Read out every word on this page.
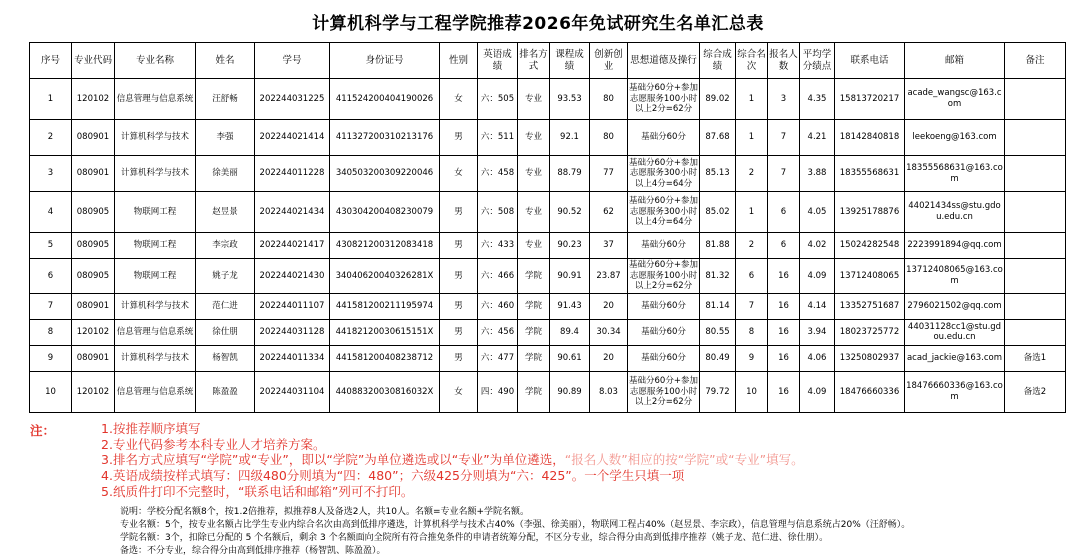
计算机科学与工程学院推荐2026年免试研究生名单汇总表
序号	专业代码	专业名称	姓名	学号	身份证号	性别	英语成绩	排名方式	课程成绩	创新创业	思想道德及操行	综合成绩	综合名次	报名人数	平均学分绩点	联系电话	邮箱	备注
1	120102	信息管理与信息系统	汪舒畅	202244031225	411524200404190026	女	六：505	专业	93.53	80	基础分60分+参加志愿服务100小时以上2分=62分	89.02	1	3	4.35	15813720217	acade_wangsc@163.com	
2	080901	计算机科学与技术	李强	202244021414	411327200310213176	男	六：511	专业	92.1	80	基础分60分	87.68	1	7	4.21	18142840818	leekoeng@163.com	
3	080901	计算机科学与技术	徐美丽	202244011228	340503200309220046	女	六：458	专业	88.79	77	基础分60分+参加志愿服务300小时以上4分=64分	85.13	2	7	3.88	18355568631	18355568631@163.com	
4	080905	物联网工程	赵昱景	202244021434	430304200408230079	男	六：508	专业	90.52	62	基础分60分+参加志愿服务300小时以上4分=64分	85.02	1	6	4.05	13925178876	44021434ss@stu.gdou.edu.cn	
5	080905	物联网工程	李宗政	202244021417	430821200312083418	男	六：433	专业	90.23	37	基础分60分	81.88	2	6	4.02	15024282548	2223991894@qq.com	
6	080905	物联网工程	姚子龙	202244021430	34040620040326281X	男	六：466	学院	90.91	23.87	基础分60分+参加志愿服务100小时以上2分=62分	81.32	6	16	4.09	13712408065	13712408065@163.com	
7	080901	计算机科学与技术	范仁进	202244011107	441581200211195974	男	六：460	学院	91.43	20	基础分60分	81.14	7	16	4.14	13352751687	2796021502@qq.com	
8	120102	信息管理与信息系统	徐仕朋	202244031128	44182120030615151X	男	六：456	学院	89.4	30.34	基础分60分	80.55	8	16	3.94	18023725772	44031128cc1@stu.gdou.edu.cn	
9	080901	计算机科学与技术	杨智凯	202244011334	441581200408238712	男	六：477	学院	90.61	20	基础分60分	80.49	9	16	4.06	13250802937	acad_jackie@163.com	备选1
10	120102	信息管理与信息系统	陈盈盈	202244031104	44088320030816032X	女	四：490	学院	90.89	8.03	基础分60分+参加志愿服务100小时以上2分=62分	79.72	10	16	4.09	18476660336	18476660336@163.com	备选2
注：	1.按推荐顺序填写
2.专业代码参考本科专业人才培养方案。
3.排名方式应填写“学院”或“专业”，即以“学院”为单位遴选或以“专业”为单位遴选，“报名人数”相应的按“学院”或“专业”填写。
4.英语成绩按样式填写：四级480分则填为“四：480”；六级425分则填为“六：425”。一个学生只填一项
5.纸质件打印不完整时，“联系电话和邮箱”列可不打印。
说明：学校分配名额8个，按1.2倍推荐，拟推荐8人及备选2人，共10人。名额=专业名额+学院名额。
专业名额：5个，按专业名额占比学生专业内综合名次由高到低排序遴选，计算机科学与技术占40%（李强、徐美丽），物联网工程占40%（赵昱景、李宗政），信息管理与信息系统占20%（汪舒畅）。
学院名额：3个，扣除已分配的 5 个名额后，剩余 3 个名额面向全院所有符合推免条件的申请者统筹分配，不区分专业，综合得分由高到低排序推荐（姚子龙、范仁进、徐仕朋）。
备选：不分专业，综合得分由高到低排序推荐（杨智凯、陈盈盈）。
